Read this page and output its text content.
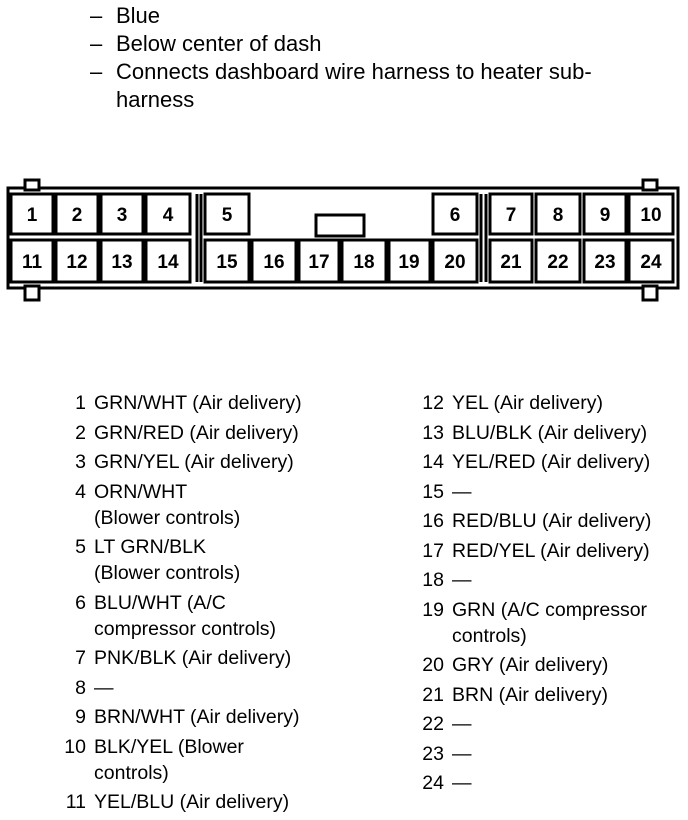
– Blue
– Below center of dash
– Connects dashboard wire harness to heater sub-harness
1 2 3 4	5	6 7 8 9 10
11 12 13 14 15 16 17 18 19 20 21 22 23 24
1 GRN/WHT (Air delivery)
2 GRN/RED (Air delivery)
3 GRN/YEL (Air delivery)
4 ORN/WHT (Blower controls)
5 LT GRN/BLK (Blower controls)
6 BLU/WHT (A/C compressor controls)
7 PNK/BLK (Air delivery)
8 —
9 BRN/WHT (Air delivery)
10 BLK/YEL (Blower controls)
11 YEL/BLU (Air delivery)
12 YEL (Air delivery)
13 BLU/BLK (Air delivery)
14 YEL/RED (Air delivery)
15 —
16 RED/BLU (Air delivery)
17 RED/YEL (Air delivery)
18 —
19 GRN (A/C compressor controls)
20 GRY (Air delivery)
21 BRN (Air delivery)
22 —
23 —
24 —
